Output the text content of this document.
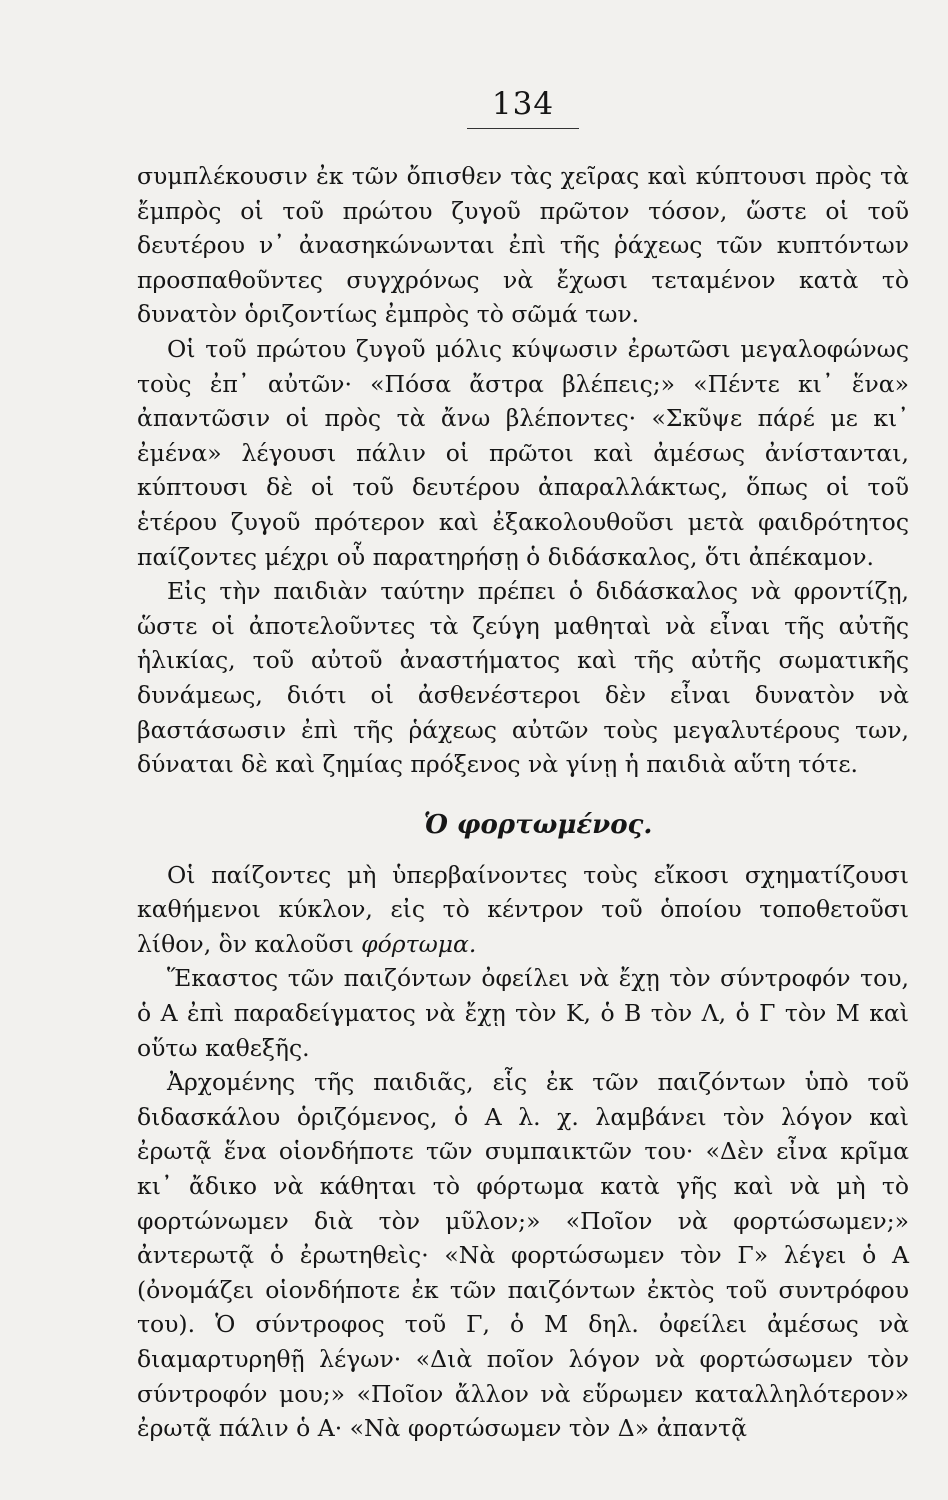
134

συμπλέκουσιν ἐκ τῶν ὄπισθεν τὰς χεῖρας καὶ κύπτουσι πρὸς τὰ ἔμπρὸς οἱ τοῦ πρώτου ζυγοῦ πρῶτον τόσον, ὥστε οἱ τοῦ δευτέρου ν᾽ ἀνασηκώνωνται ἐπὶ τῆς ῥάχεως τῶν κυπτόντων προσπαθοῦντες συγχρόνως νὰ ἔχωσι τεταμένον κατὰ τὸ δυνατὸν ὁριζοντίως ἐμπρὸς τὸ σῶμά των.

Οἱ τοῦ πρώτου ζυγοῦ μόλις κύψωσιν ἐρωτῶσι μεγαλοφώνως τοὺς ἐπ᾽ αὐτῶν· «Πόσα ἄστρα βλέπεις;» «Πέντε κι᾽ ἕνα» ἀπαντῶσιν οἱ πρὸς τὰ ἄνω βλέποντες· «Σκῦψε πάρέ με κι᾽ ἐμένα» λέγουσι πάλιν οἱ πρῶτοι καὶ ἀμέσως ἀνίστανται, κύπτουσι δὲ οἱ τοῦ δευτέρου ἀπαραλλάκτως, ὅπως οἱ τοῦ ἑτέρου ζυγοῦ πρότερον καὶ ἐξακολουθοῦσι μετὰ φαιδρότητος παίζοντες μέχρι οὗ παρατηρήσῃ ὁ διδάσκαλος, ὅτι ἀπέκαμον.

Εἰς τὴν παιδιὰν ταύτην πρέπει ὁ διδάσκαλος νὰ φροντίζῃ, ὥστε οἱ ἀποτελοῦντες τὰ ζεύγη μαθηταὶ νὰ εἶναι τῆς αὐτῆς ἡλικίας, τοῦ αὐτοῦ ἀναστήματος καὶ τῆς αὐτῆς σωματικῆς δυνάμεως, διότι οἱ ἀσθενέστεροι δὲν εἶναι δυνατὸν νὰ βαστάσωσιν ἐπὶ τῆς ῥάχεως αὐτῶν τοὺς μεγαλυτέρους των, δύναται δὲ καὶ ζημίας πρόξενος νὰ γίνῃ ἡ παιδιὰ αὕτη τότε.

Ὁ φορτωμένος.

Οἱ παίζοντες μὴ ὑπερβαίνοντες τοὺς εἴκοσι σχηματίζουσι καθήμενοι κύκλον, εἰς τὸ κέντρον τοῦ ὁποίου τοποθετοῦσι λίθον, ὃν καλοῦσι φόρτωμα.

Ἕκαστος τῶν παιζόντων ὀφείλει νὰ ἔχῃ τὸν σύντροφόν του, ὁ Α ἐπὶ παραδείγματος νὰ ἔχῃ τὸν Κ, ὁ Β τὸν Λ, ὁ Γ τὸν Μ καὶ οὕτω καθεξῆς.

Ἀρχομένης τῆς παιδιᾶς, εἷς ἐκ τῶν παιζόντων ὑπὸ τοῦ διδασκάλου ὁριζόμενος, ὁ Α λ. χ. λαμβάνει τὸν λόγον καὶ ἐρωτᾷ ἕνα οἱονδήποτε τῶν συμπαικτῶν του· «Δὲν εἶνα κρῖμα κι᾽ ἄδικο νὰ κάθηται τὸ φόρτωμα κατὰ γῆς καὶ νὰ μὴ τὸ φορτώνωμεν διὰ τὸν μῦλον;» «Ποῖον νὰ φορτώσωμεν;» ἀντερωτᾷ ὁ ἐρωτηθεὶς· «Νὰ φορτώσωμεν τὸν Γ» λέγει ὁ Α (ὀνομάζει οἱονδήποτε ἐκ τῶν παιζόντων ἐκτὸς τοῦ συντρόφου του). Ὁ σύντροφος τοῦ Γ, ὁ Μ δηλ. ὀφείλει ἀμέσως νὰ διαμαρτυρηθῇ λέγων· «Διὰ ποῖον λόγον νὰ φορτώσωμεν τὸν σύντροφόν μου;» «Ποῖον ἄλλον νὰ εὕρωμεν καταλληλότερον» ἐρωτᾷ πάλιν ὁ Α· «Νὰ φορτώσωμεν τὸν Δ» ἀπαντᾷ
